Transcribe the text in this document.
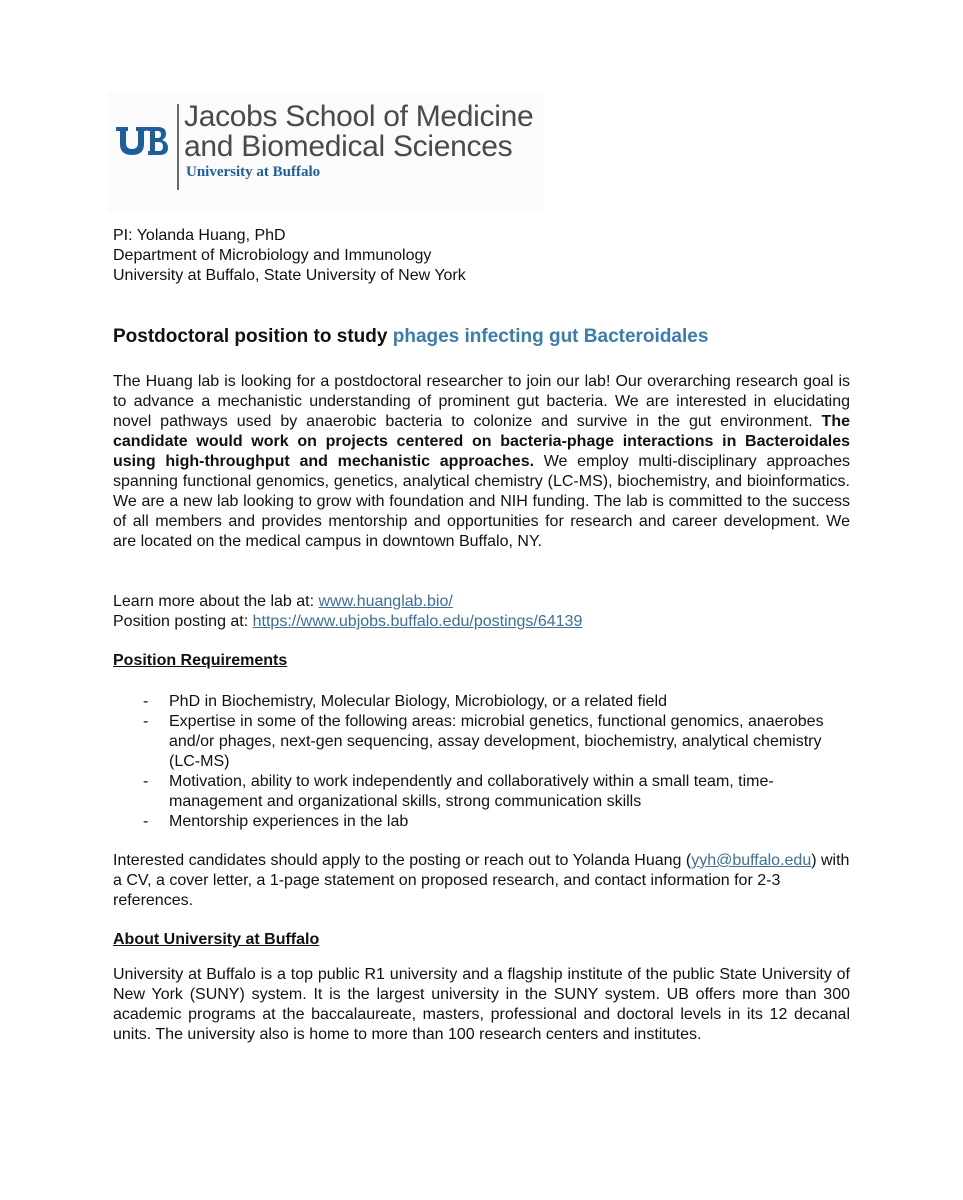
Jacobs School of Medicine
and Biomedical Sciences
University at Buffalo
PI: Yolanda Huang, PhD
Department of Microbiology and Immunology
University at Buffalo, State University of New York
Postdoctoral position to study phages infecting gut Bacteroidales
The Huang lab is looking for a postdoctoral researcher to join our lab! Our overarching research goal is to advance a mechanistic understanding of prominent gut bacteria. We are interested in elucidating novel pathways used by anaerobic bacteria to colonize and survive in the gut environment. The candidate would work on projects centered on bacteria-phage interactions in Bacteroidales using high-throughput and mechanistic approaches. We employ multi-disciplinary approaches spanning functional genomics, genetics, analytical chemistry (LC-MS), biochemistry, and bioinformatics. We are a new lab looking to grow with foundation and NIH funding. The lab is committed to the success of all members and provides mentorship and opportunities for research and career development. We are located on the medical campus in downtown Buffalo, NY.
Learn more about the lab at: www.huanglab.bio/
Position posting at: https://www.ubjobs.buffalo.edu/postings/64139
Position Requirements
- PhD in Biochemistry, Molecular Biology, Microbiology, or a related field
- Expertise in some of the following areas: microbial genetics, functional genomics, anaerobes and/or phages, next-gen sequencing, assay development, biochemistry, analytical chemistry (LC-MS)
- Motivation, ability to work independently and collaboratively within a small team, time-management and organizational skills, strong communication skills
- Mentorship experiences in the lab
Interested candidates should apply to the posting or reach out to Yolanda Huang (yyh@buffalo.edu) with a CV, a cover letter, a 1-page statement on proposed research, and contact information for 2-3 references.
About University at Buffalo
University at Buffalo is a top public R1 university and a flagship institute of the public State University of New York (SUNY) system. It is the largest university in the SUNY system. UB offers more than 300 academic programs at the baccalaureate, masters, professional and doctoral levels in its 12 decanal units. The university also is home to more than 100 research centers and institutes.
